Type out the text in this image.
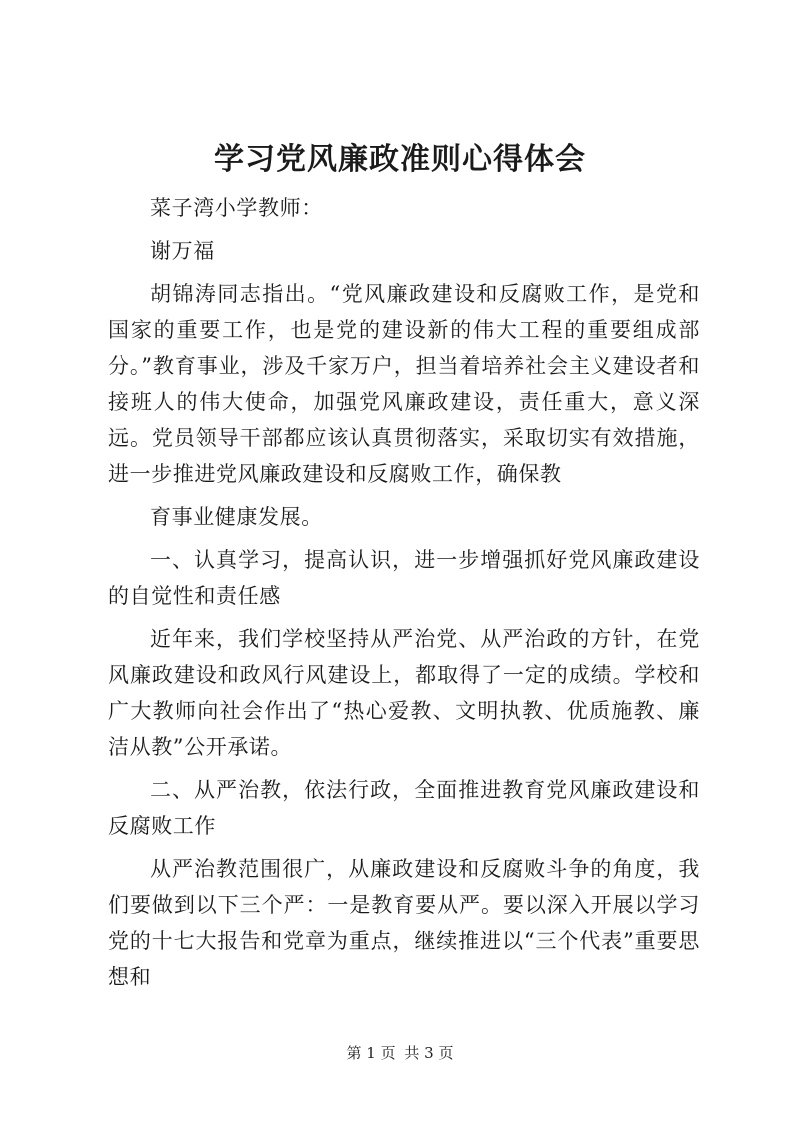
学习党风廉政准则心得体会

菜子湾小学教师：

谢万福

胡锦涛同志指出。“党风廉政建设和反腐败工作，是党和国家的重要工作，也是党的建设新的伟大工程的重要组成部分。”教育事业，涉及千家万户，担当着培养社会主义建设者和接班人的伟大使命，加强党风廉政建设，责任重大，意义深远。党员领导干部都应该认真贯彻落实，采取切实有效措施，进一步推进党风廉政建设和反腐败工作，确保教

育事业健康发展。

一、认真学习，提高认识，进一步增强抓好党风廉政建设的自觉性和责任感

近年来，我们学校坚持从严治党、从严治政的方针，在党风廉政建设和政风行风建设上，都取得了一定的成绩。学校和广大教师向社会作出了“热心爱教、文明执教、优质施教、廉洁从教”公开承诺。

二、从严治教，依法行政，全面推进教育党风廉政建设和反腐败工作

从严治教范围很广，从廉政建设和反腐败斗争的角度，我们要做到以下三个严：一是教育要从严。要以深入开展以学习党的十七大报告和党章为重点，继续推进以“三个代表”重要思想和

第 1 页 共 3 页
